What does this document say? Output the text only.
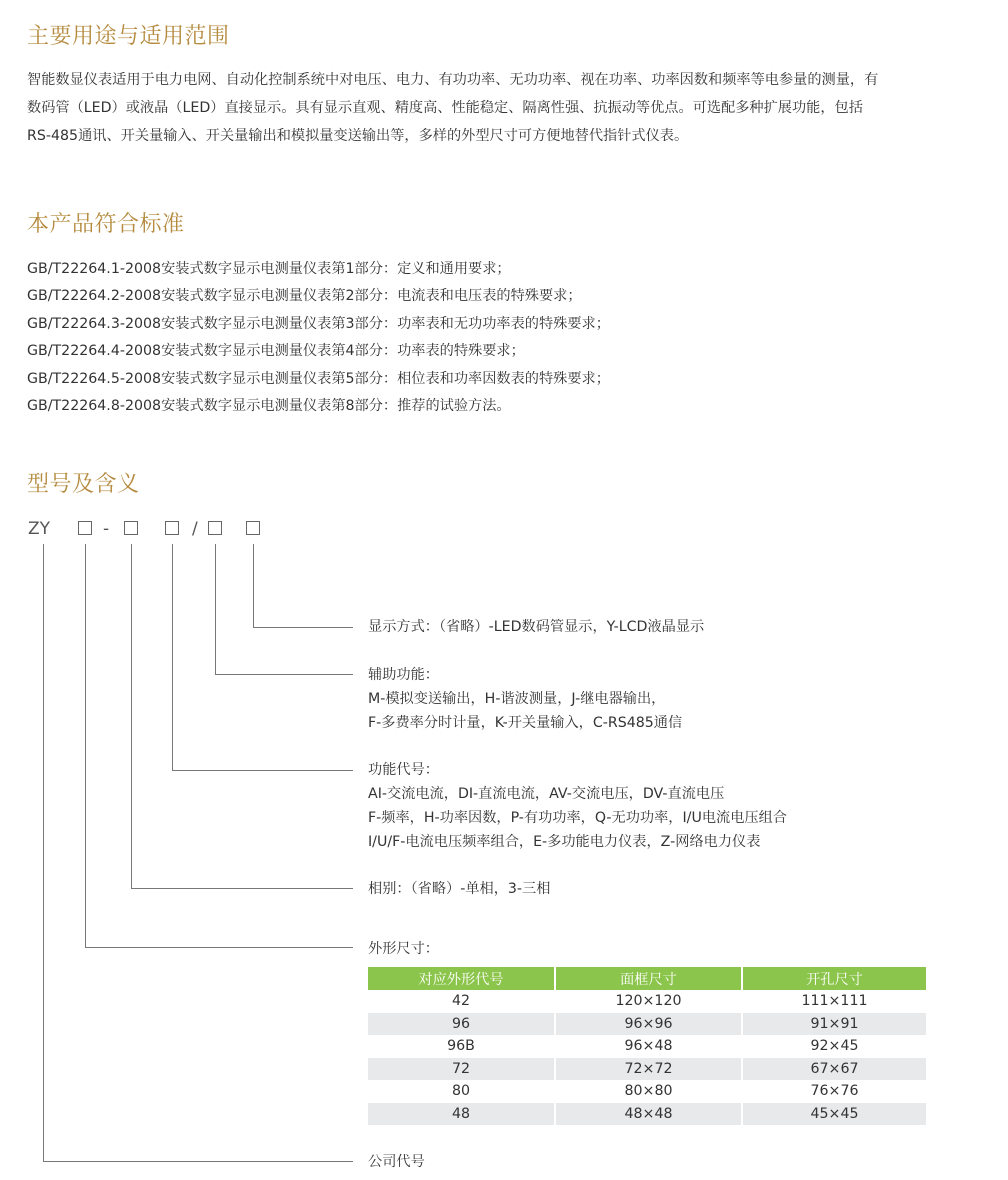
主要用途与适用范围
智能数显仪表适用于电力电网、自动化控制系统中对电压、电力、有功功率、无功功率、视在功率、功率因数和频率等电参量的测量，有
数码管（LED）或液晶（LED）直接显示。具有显示直观、精度高、性能稳定、隔离性强、抗振动等优点。可选配多种扩展功能，包括
RS-485通讯、开关量输入、开关量输出和模拟量变送输出等，多样的外型尺寸可方便地替代指针式仪表。
本产品符合标准
GB/T22264.1-2008安装式数字显示电测量仪表第1部分：定义和通用要求；
GB/T22264.2-2008安装式数字显示电测量仪表第2部分：电流表和电压表的特殊要求；
GB/T22264.3-2008安装式数字显示电测量仪表第3部分：功率表和无功功率表的特殊要求；
GB/T22264.4-2008安装式数字显示电测量仪表第4部分：功率表的特殊要求；
GB/T22264.5-2008安装式数字显示电测量仪表第5部分：相位表和功率因数表的特殊要求；
GB/T22264.8-2008安装式数字显示电测量仪表第8部分：推荐的试验方法。
型号及含义
ZY	-	/
显示方式：（省略）-LED数码管显示，Y-LCD液晶显示
辅助功能：
M-模拟变送输出，H-谐波测量，J-继电器输出，
F-多费率分时计量，K-开关量输入，C-RS485通信
功能代号：
AI-交流电流，DI-直流电流，AV-交流电压，DV-直流电压
F-频率，H-功率因数，P-有功功率，Q-无功功率，I/U电流电压组合
I/U/F-电流电压频率组合，E-多功能电力仪表，Z-网络电力仪表
相别：（省略）-单相，3-三相
外形尺寸：
对应外形代号	面框尺寸	开孔尺寸
42	120×120	111×111
96	96×96	91×91
96B	96×48	92×45
72	72×72	67×67
80	80×80	76×76
48	48×48	45×45
公司代号
